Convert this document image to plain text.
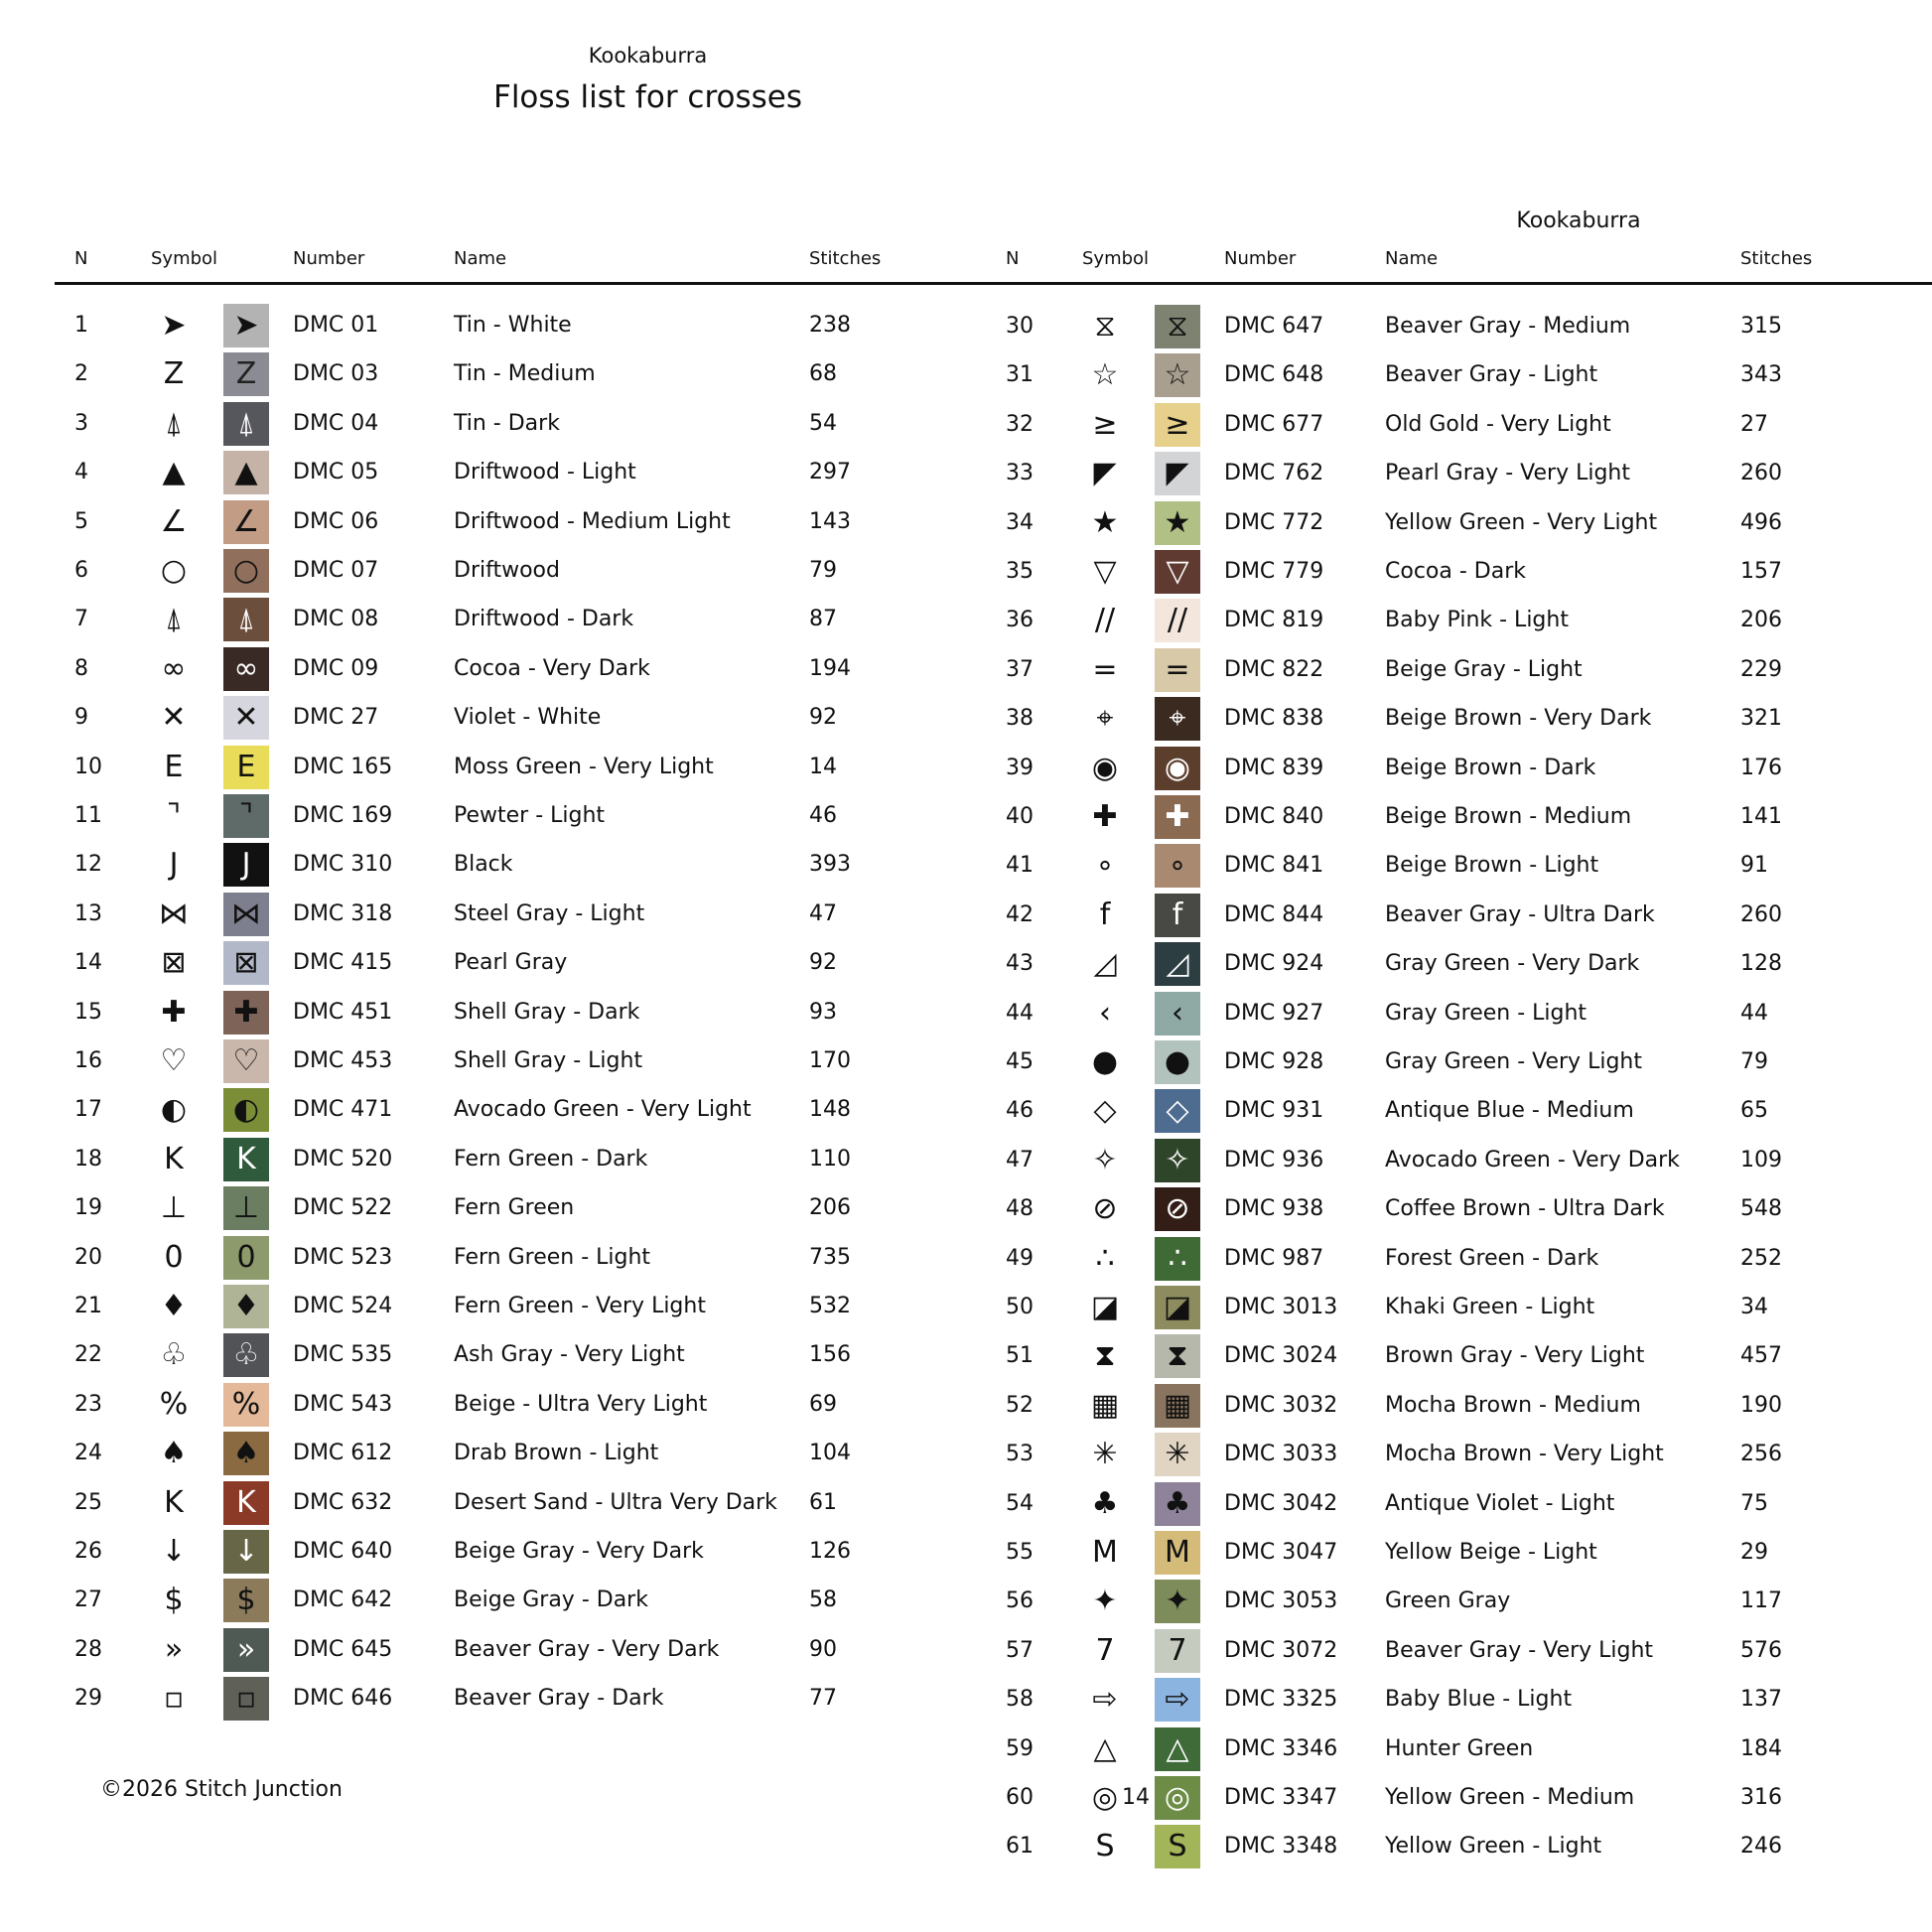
Kookaburra
Floss list for crosses
Kookaburra
N	Symbol	Number	Name	Stitches
1	➤	➤	DMC 01	Tin - White	238
2	Z	Z	DMC 03	Tin - Medium	68
3	⍋	⍋	DMC 04	Tin - Dark	54
4	▲	▲	DMC 05	Driftwood - Light	297
5 ∠	∠	DMC 06	Driftwood - Medium Light	143
6 ○	○	DMC 07	Driftwood	79
7	⍋	⍋	DMC 08	Driftwood - Dark	87
8	∞	∞	DMC 09	Cocoa - Very Dark	194
9	✕	✕	DMC 27	Violet - White	92
10	E	E	DMC 165	Moss Green - Very Light	14
11	⌝	⌝	DMC 169	Pewter - Light	46
12	J	J	DMC 310	Black	393
13 ⋈ ⋈	DMC 318	Steel Gray - Light	47
14	⊠	⊠	DMC 415	Pearl Gray	92
15	✚	✚	DMC 451	Shell Gray - Dark	93
16 ♡	♡	DMC 453	Shell Gray - Light	170
17 ◐	◐	DMC 471	Avocado Green - Very Light	148
18	K	K	DMC 520	Fern Green - Dark	110
19 ⊥	⊥	DMC 522	Fern Green	206
20	0	0	DMC 523	Fern Green - Light	735
21 ♦	♦	DMC 524	Fern Green - Very Light	532
22 ♧	♧	DMC 535	Ash Gray - Very Light	156
23 % %	DMC 543	Beige - Ultra Very Light	69
24 ♠	♠	DMC 612	Drab Brown - Light	104
25	K	K	DMC 632	Desert Sand - Ultra Very Dark 61
26	↓	↓	DMC 640	Beige Gray - Very Dark	126
27	$	$	DMC 642	Beige Gray - Dark	58
28	»	»	DMC 645	Beaver Gray - Very Dark	90
29	▫	▫	DMC 646	Beaver Gray - Dark	77
N	Symbol	Number	Name	Stitches
30	⧖	⧖	DMC 647	Beaver Gray - Medium	315
31 ☆	☆	DMC 648	Beaver Gray - Light	343
32	≥	≥	DMC 677	Old Gold - Very Light	27
33	◤	◤	DMC 762	Pearl Gray - Very Light	260
34 ★	★	DMC 772	Yellow Green - Very Light	496
35	▽	▽	DMC 779	Cocoa - Dark	157
36	//	//	DMC 819	Baby Pink - Light	206
37	=	=	DMC 822	Beige Gray - Light	229
38	⌖	⌖	DMC 838	Beige Brown - Very Dark	321
39 ◉	◉	DMC 839	Beige Brown - Dark	176
40	✚	✚	DMC 840	Beige Brown - Medium	141
41	∘	∘	DMC 841	Beige Brown - Light	91
42	f	f	DMC 844	Beaver Gray - Ultra Dark	260
43	◿	◿	DMC 924	Gray Green - Very Dark	128
44	‹	‹	DMC 927	Gray Green - Light	44
45 ●	●	DMC 928	Gray Green - Very Light	79
46	◇	◇	DMC 931	Antique Blue - Medium	65
47	✧	✧	DMC 936	Avocado Green - Very Dark	109
48	⊘	⊘	DMC 938	Coffee Brown - Ultra Dark	548
49	∴	∴	DMC 987	Forest Green - Dark	252
50 ◪ ◪	DMC 3013 Khaki Green - Light	34
51	⧗	⧗	DMC 3024 Brown Gray - Very Light	457
52 ▦ ▦	DMC 3032 Mocha Brown - Medium	190
53	✳	✳	DMC 3033 Mocha Brown - Very Light	256
54 ♣	♣	DMC 3042 Antique Violet - Light	75
55	M	M	DMC 3047 Yellow Beige - Light	29
56	✦	✦	DMC 3053 Green Gray	117
57	7	7	DMC 3072 Beaver Gray - Very Light	576
58	⇨	⇨	DMC 3325 Baby Blue - Light	137
59	△	△	DMC 3346 Hunter Green	184
60 ◎ 14 ◎	DMC 3347 Yellow Green - Medium	316
61	S	S	DMC 3348 Yellow Green - Light	246
©2026 Stitch Junction
